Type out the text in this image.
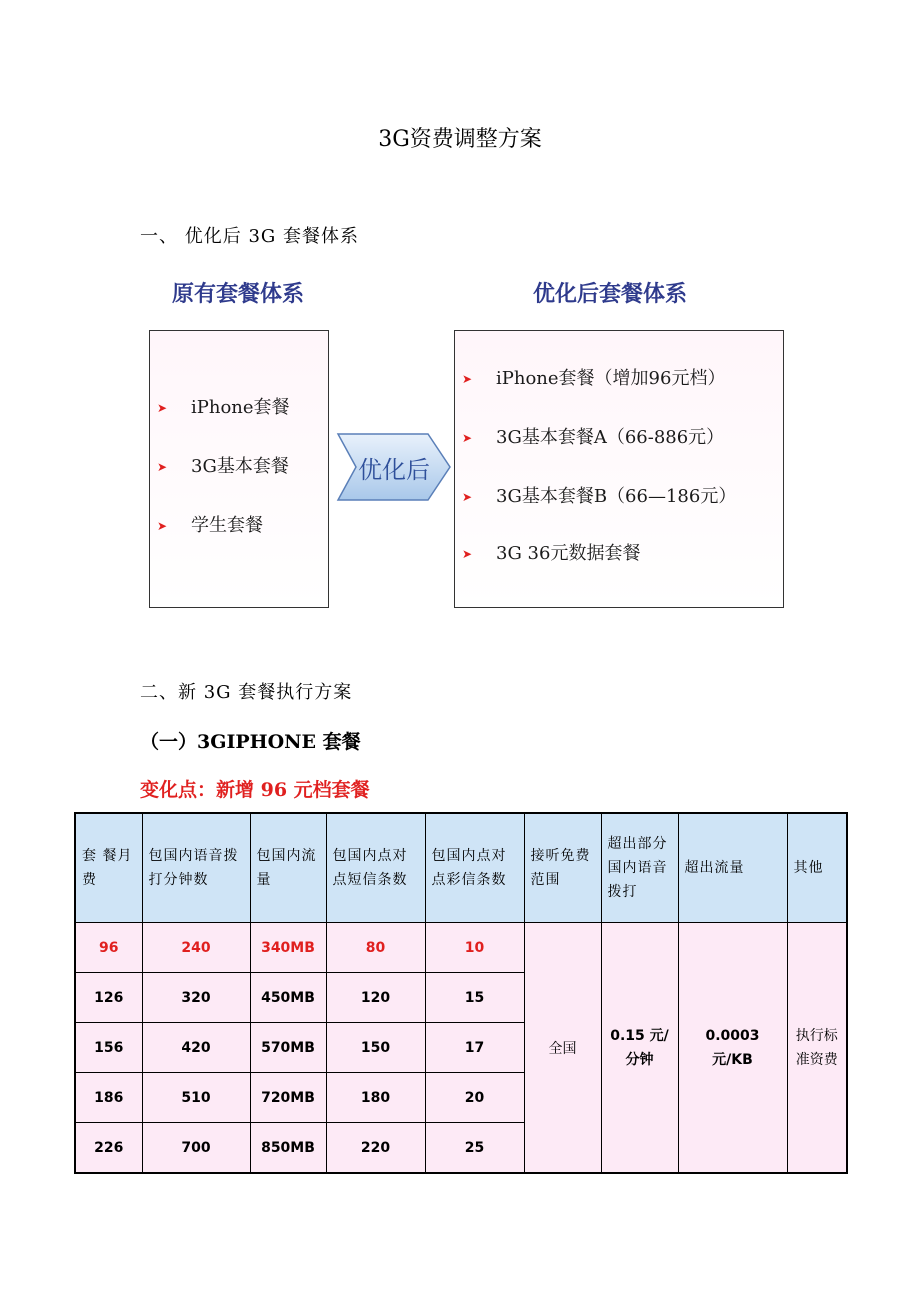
3G资费调整方案
一、 优化后 3G 套餐体系
原有套餐体系	优化后套餐体系
➤ iPhone套餐
➤ 3G基本套餐
➤ 学生套餐
优化后
➤ iPhone套餐（增加96元档）
➤ 3G基本套餐A（66-886元）
➤ 3G基本套餐B（66—186元）
➤ 3G 36元数据套餐
二、新 3G 套餐执行方案
（一）3GIPHONE 套餐
变化点：新增 96 元档套餐
套 餐月费	包国内语音拨打分钟数	包国内流量	包国内点对点短信条数	包国内点对点彩信条数	接听免费范围	超出部分国内语音拨打	超出流量	其他
96	240	340MB	80	10	全国	0.15 元/分钟	0.0003 元/KB	执行标准资费
126	320	450MB	120	15				
156	420	570MB	150	17				
186	510	720MB	180	20				
226	700	850MB	220	25				
